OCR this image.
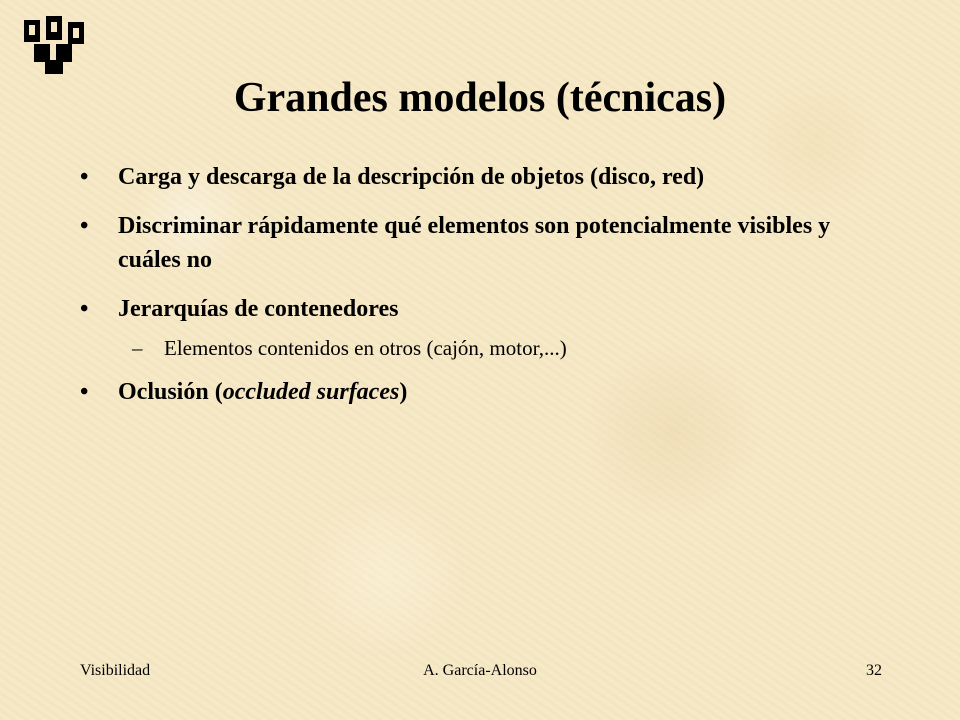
Grandes modelos (técnicas)
• Carga y descarga de la descripción de objetos (disco, red)
• Discriminar rápidamente qué elementos son potencialmente visibles y cuáles no
• Jerarquías de contenedores
– Elementos contenidos en otros (cajón, motor,...)
• Oclusión (occluded surfaces)
Visibilidad	A. García-Alonso	32
